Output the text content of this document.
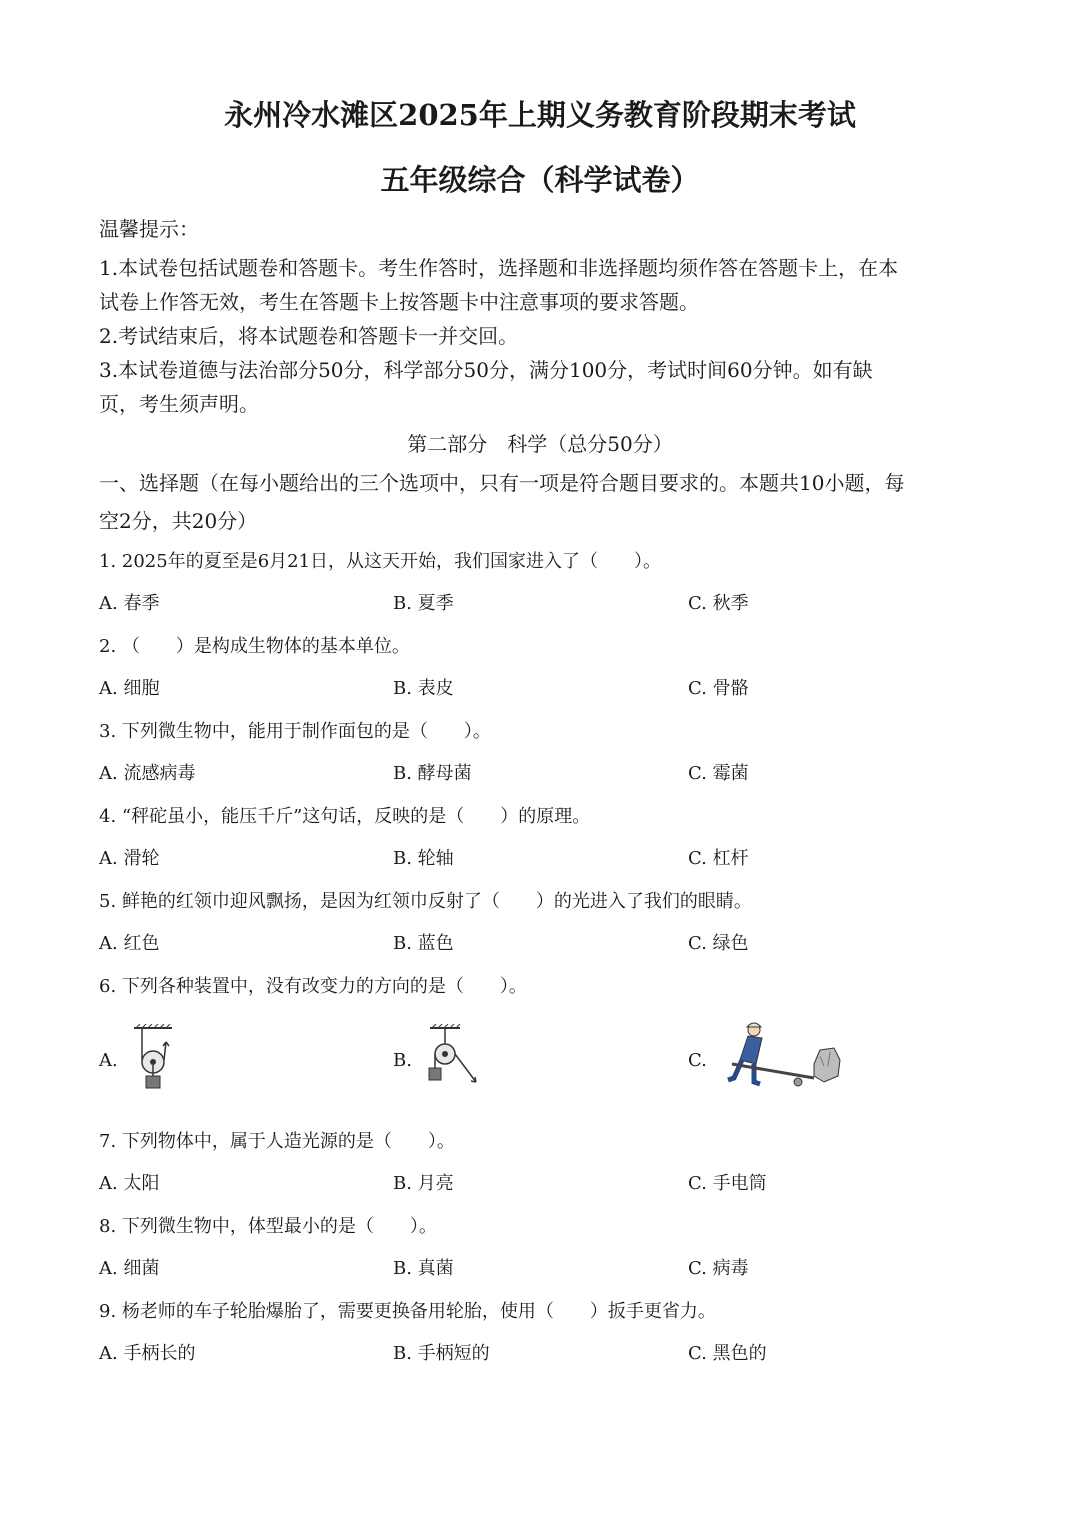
永州冷水滩区2025年上期义务教育阶段期末考试
五年级综合（科学试卷）
温馨提示：
1.本试卷包括试题卷和答题卡。考生作答时，选择题和非选择题均须作答在答题卡上，在本
试卷上作答无效，考生在答题卡上按答题卡中注意事项的要求答题。
2.考试结束后，将本试题卷和答题卡一并交回。
3.本试卷道德与法治部分50分，科学部分50分，满分100分，考试时间60分钟。如有缺
页，考生须声明。
第二部分　科学（总分50分）
一、选择题（在每小题给出的三个选项中，只有一项是符合题目要求的。本题共10小题，每
空2分，共20分）
1. 2025年的夏至是6月21日，从这天开始，我们国家进入了（　　）。
A. 春季	B. 夏季	C. 秋季
2. （　　）是构成生物体的基本单位。
A. 细胞	B. 表皮	C. 骨骼
3. 下列微生物中，能用于制作面包的是（　　）。
A. 流感病毒	B. 酵母菌	C. 霉菌
4. “秤砣虽小，能压千斤”这句话，反映的是（　　）的原理。
A. 滑轮	B. 轮轴	C. 杠杆
5. 鲜艳的红领巾迎风飘扬，是因为红领巾反射了（　　）的光进入了我们的眼睛。
A. 红色	B. 蓝色	C. 绿色
6. 下列各种装置中，没有改变力的方向的是（　　）。
A.	B.	C.
7. 下列物体中，属于人造光源的是（　　）。
A. 太阳	B. 月亮	C. 手电筒
8. 下列微生物中，体型最小的是（　　）。
A. 细菌	B. 真菌	C. 病毒
9. 杨老师的车子轮胎爆胎了，需要更换备用轮胎，使用（　　）扳手更省力。
A. 手柄长的	B. 手柄短的	C. 黑色的
